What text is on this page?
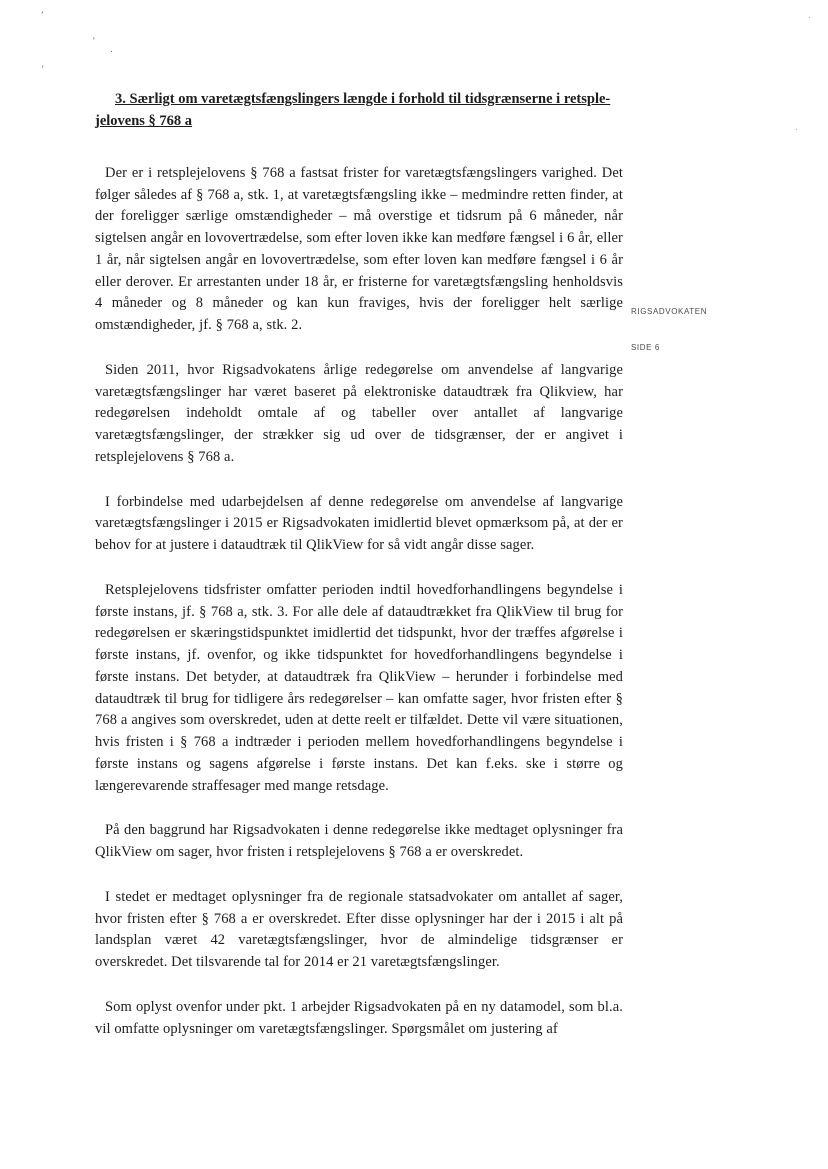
’
’
.
’
.
.
3. Særligt om varetægtsfængslingers længde i forhold til tidsgrænserne i retsple-
jelovens § 768 a

Der er i retsplejelovens § 768 a fastsat frister for varetægtsfængslingers varighed. Det følger således af § 768 a, stk. 1, at varetægtsfængsling ikke – medmindre retten finder, at der foreligger særlige omstændigheder – må overstige et tidsrum på 6 måneder, når sigtelsen angår en lovovertrædelse, som efter loven ikke kan medføre fængsel i 6 år, eller 1 år, når sigtelsen angår en lovovertrædelse, som efter loven kan medføre fængsel i 6 år eller derover. Er arrestanten under 18 år, er fristerne for varetægtsfængsling henholdsvis 4 måneder og 8 måneder og kan kun fraviges, hvis der foreligger helt særlige omstændigheder, jf. § 768 a, stk. 2.

Siden 2011, hvor Rigsadvokatens årlige redegørelse om anvendelse af langvarige varetægtsfængslinger har været baseret på elektroniske dataudtræk fra Qlikview, har redegørelsen indeholdt omtale af og tabeller over antallet af langvarige varetægtsfængslinger, der strækker sig ud over de tidsgrænser, der er angivet i retsplejelovens § 768 a.

I forbindelse med udarbejdelsen af denne redegørelse om anvendelse af langvarige varetægtsfængslinger i 2015 er Rigsadvokaten imidlertid blevet opmærksom på, at der er behov for at justere i dataudtræk til QlikView for så vidt angår disse sager.

Retsplejelovens tidsfrister omfatter perioden indtil hovedforhandlingens begyndelse i første instans, jf. § 768 a, stk. 3. For alle dele af dataudtrækket fra QlikView til brug for redegørelsen er skæringstidspunktet imidlertid det tidspunkt, hvor der træffes afgørelse i første instans, jf. ovenfor, og ikke tidspunktet for hovedforhandlingens begyndelse i første instans. Det betyder, at dataudtræk fra QlikView – herunder i forbindelse med dataudtræk til brug for tidligere års redegørelser – kan omfatte sager, hvor fristen efter § 768 a angives som overskredet, uden at dette reelt er tilfældet. Dette vil være situationen, hvis fristen i § 768 a indtræder i perioden mellem hovedforhandlingens begyndelse i første instans og sagens afgørelse i første instans. Det kan f.eks. ske i større og længerevarende straffesager med mange retsdage.

På den baggrund har Rigsadvokaten i denne redegørelse ikke medtaget oplysninger fra QlikView om sager, hvor fristen i retsplejelovens § 768 a er overskredet.

I stedet er medtaget oplysninger fra de regionale statsadvokater om antallet af sager, hvor fristen efter § 768 a er overskredet. Efter disse oplysninger har der i 2015 i alt på landsplan været 42 varetægtsfængslinger, hvor de almindelige tidsgrænser er overskredet. Det tilsvarende tal for 2014 er 21 varetægtsfængslinger.

Som oplyst ovenfor under pkt. 1 arbejder Rigsadvokaten på en ny datamodel, som bl.a. vil omfatte oplysninger om varetægtsfængslinger. Spørgsmålet om justering af

RIGSADVOKATEN
SIDE 6
